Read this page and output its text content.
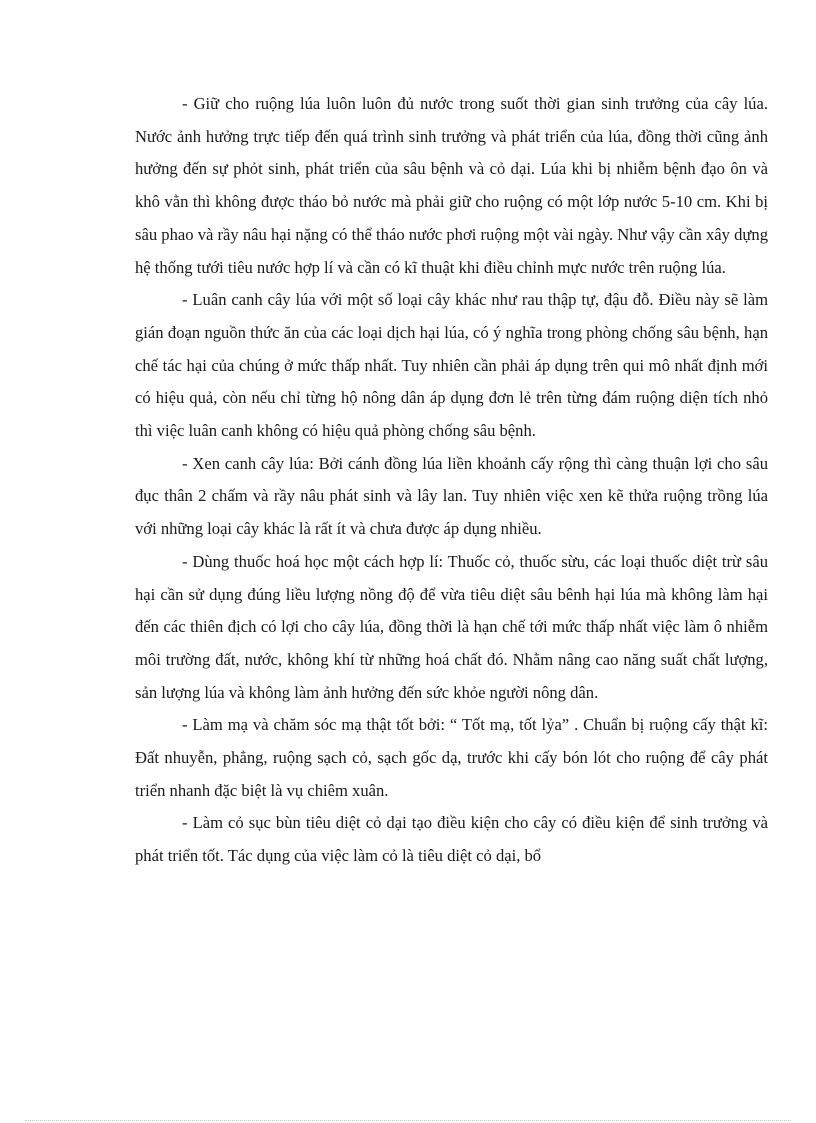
- Giữ cho ruộng lúa luôn luôn đủ nước trong suốt thời gian sinh trưởng của cây lúa. Nước ảnh hưởng trực tiếp đến quá trình sinh trưởng và phát triển của lúa, đồng thời cũng ảnh hưởng đến sự phỏt sinh, phát triển của sâu bệnh và cỏ dại. Lúa khi bị nhiễm bệnh đạo ôn và khô vằn thì không được tháo bỏ nước mà phải giữ cho ruộng có một lớp nước 5-10 cm. Khi bị sâu phao và rầy nâu hại nặng có thể tháo nước phơi ruộng một vài ngày. Như vậy cần xây dựng hệ thống tưới tiêu nước hợp lí và cần có kĩ thuật khi điều chỉnh mực nước trên ruộng lúa.

- Luân canh cây lúa với một số loại cây khác như rau thập tự, đậu đỗ. Điều này sẽ làm gián đoạn nguồn thức ăn của các loại dịch hại lúa, có ý nghĩa trong phòng chống sâu bệnh, hạn chế tác hại của chúng ở mức thấp nhất. Tuy nhiên cần phải áp dụng trên qui mô nhất định mới có hiệu quả, còn nếu chỉ từng hộ nông dân áp dụng đơn lẻ trên từng đám ruộng diện tích nhỏ thì việc luân canh không có hiệu quả phòng chống sâu bệnh.

- Xen canh cây lúa: Bởi cánh đồng lúa liền khoảnh cấy rộng thì càng thuận lợi cho sâu đục thân 2 chấm và rầy nâu phát sinh và lây lan. Tuy nhiên việc xen kẽ thửa ruộng trồng lúa với những loại cây khác là rất ít và chưa được áp dụng nhiều.

- Dùng thuốc hoá học một cách hợp lí: Thuốc cỏ, thuốc sừu, các loại thuốc diệt trừ sâu hại cần sử dụng đúng liều lượng nồng độ để vừa tiêu diệt sâu bênh hại lúa mà không làm hại đến các thiên địch có lợi cho cây lúa, đồng thời là hạn chế tới mức thấp nhất việc làm ô nhiễm môi trường đất, nước, không khí từ những hoá chất đó. Nhằm nâng cao năng suất chất lượng, sản lượng lúa và không làm ảnh hưởng đến sức khỏe người nông dân.

- Làm mạ và chăm sóc mạ thật tốt bởi: “ Tốt mạ, tốt lỷa” . Chuẩn bị ruộng cấy thật kĩ: Đất nhuyễn, phẳng, ruộng sạch cỏ, sạch gốc dạ, trước khi cấy bón lót cho ruộng để cây phát triển nhanh đặc biệt là vụ chiêm xuân.

- Làm cỏ sục bùn tiêu diệt cỏ dại tạo điều kiện cho cây có điều kiện để sinh trưởng và phát triển tốt. Tác dụng của việc làm cỏ là tiêu diệt cỏ dại, bổ
